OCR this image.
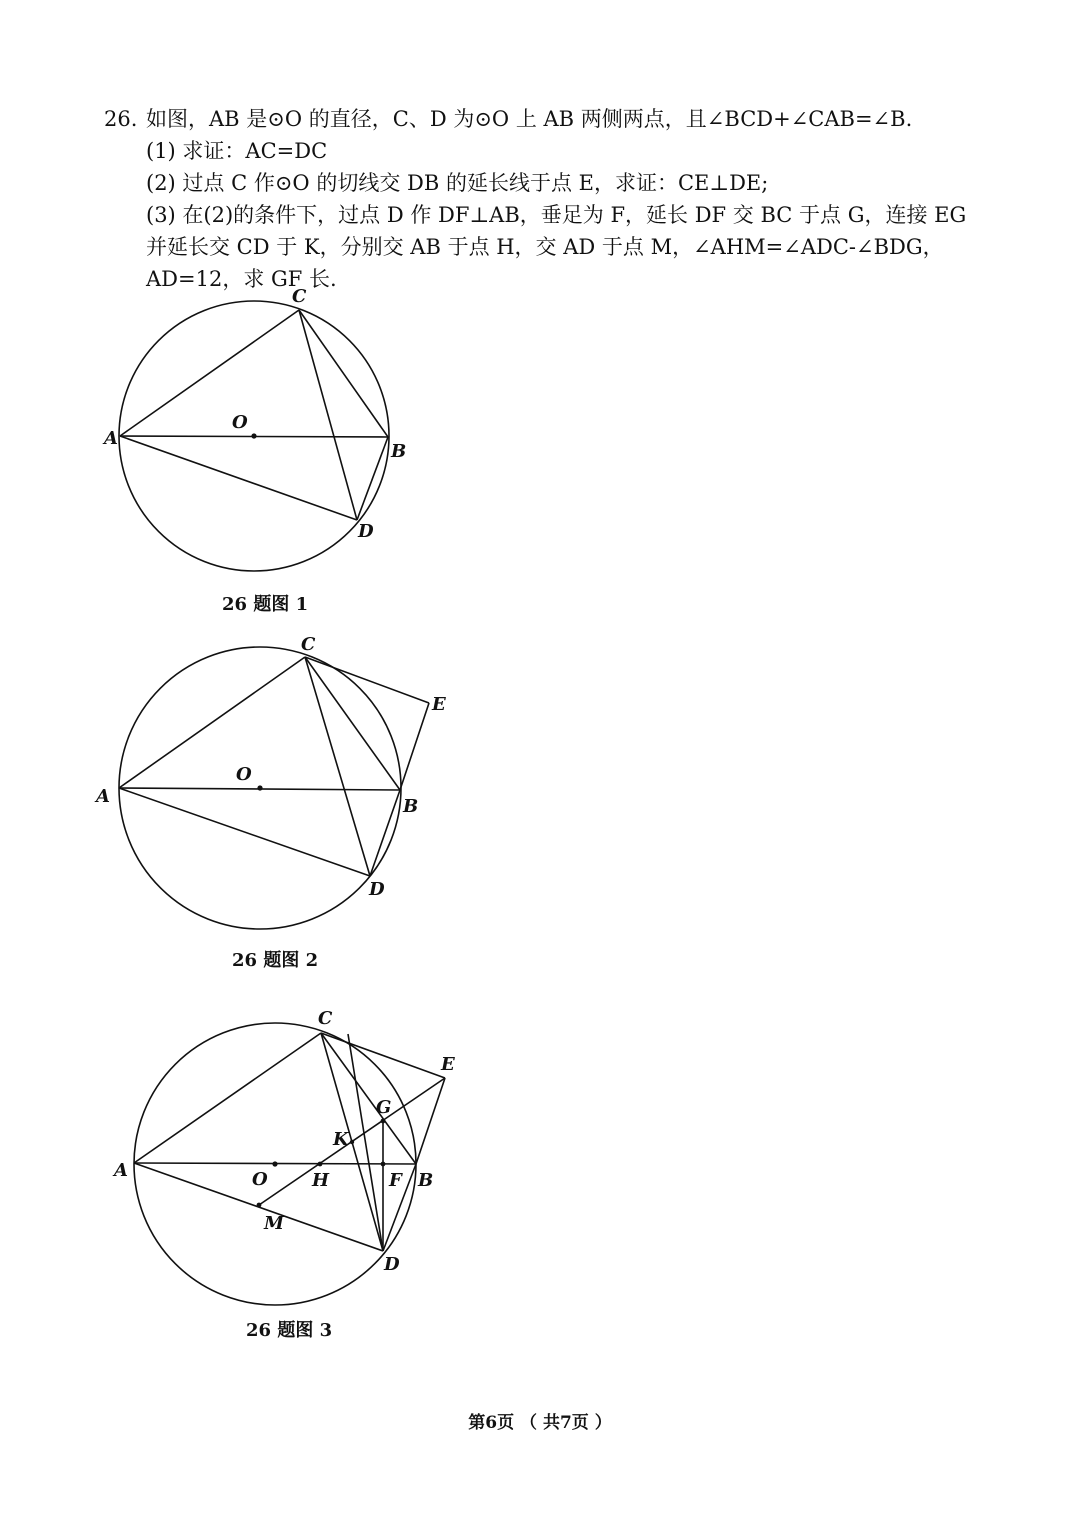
26. 如图，AB 是⊙O 的直径，C、D 为⊙O 上 AB 两侧两点，且∠BCD+∠CAB=∠B.
(1) 求证：AC=DC
(2) 过点 C 作⊙O 的切线交 DB 的延长线于点 E，求证：CE⊥DE;
(3) 在(2)的条件下，过点 D 作 DF⊥AB，垂足为 F，延长 DF 交 BC 于点 G，连接 EG
并延长交 CD 于 K，分别交 AB 于点 H，交 AD 于点 M，∠AHM=∠ADC-∠BDG，
AD=12，求 GF 长.
C
A
O
B
D
26 题图 1
C
E
A
O
B
D
26 题图 2
C
E
G
K
A	O H	F B
M
D
26 题图 3
第6页 （ 共7页 ）
